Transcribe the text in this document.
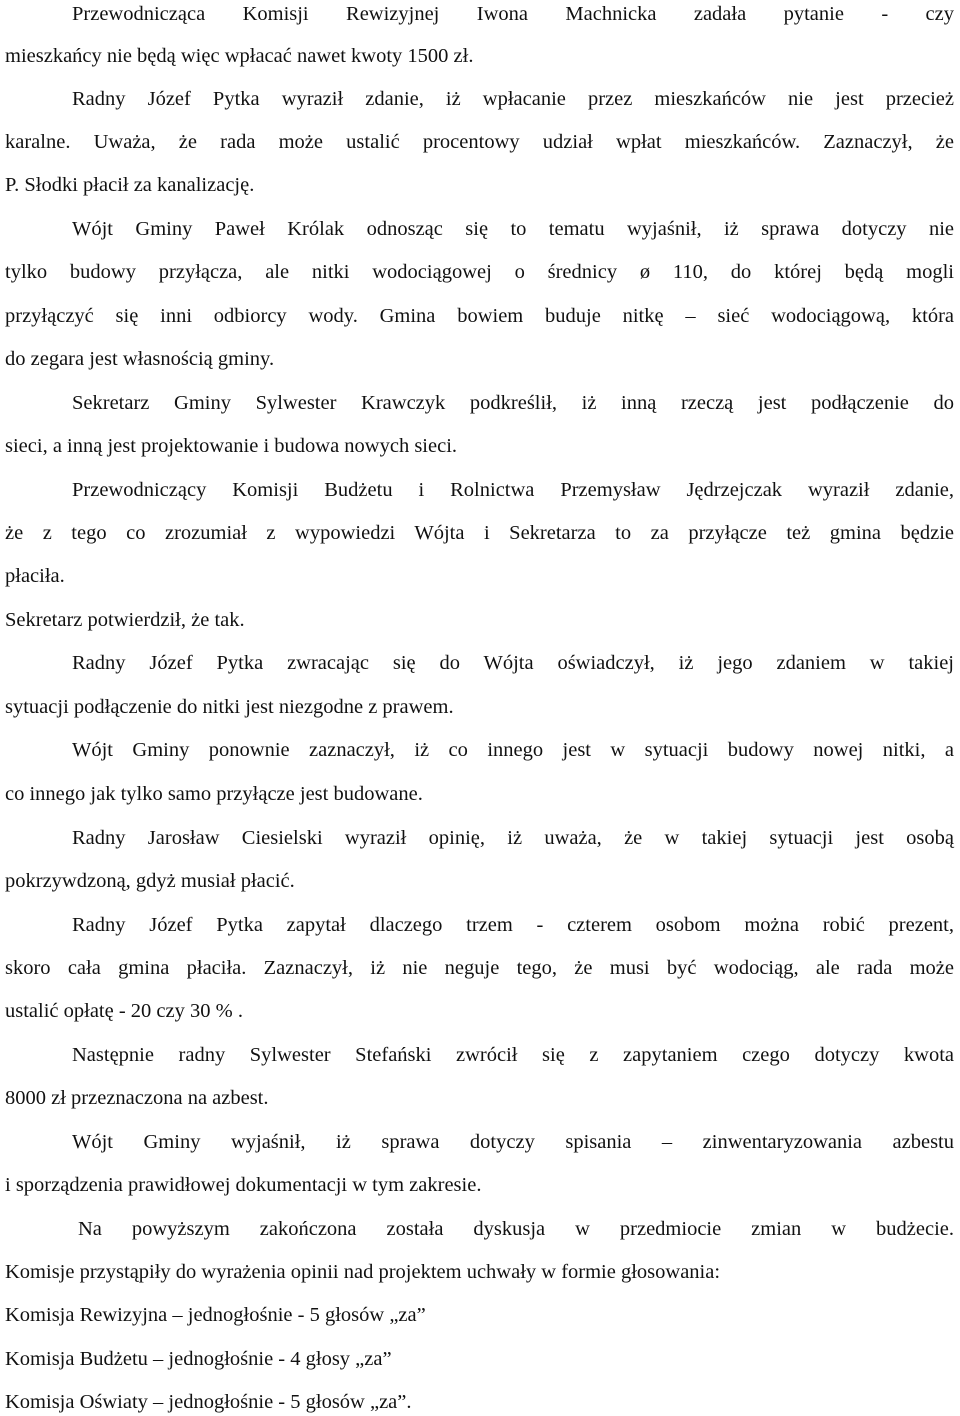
Przewodnicząca Komisji Rewizyjnej Iwona Machnicka zadała pytanie - czy
mieszkańcy nie będą więc wpłacać nawet kwoty 1500 zł.
Radny Józef Pytka wyraził zdanie, iż wpłacanie przez mieszkańców nie jest przecież
karalne. Uważa, że rada może ustalić procentowy udział wpłat mieszkańców. Zaznaczył, że
P. Słodki płacił za kanalizację.
Wójt Gminy Paweł Królak odnosząc się to tematu wyjaśnił, iż sprawa dotyczy nie
tylko budowy przyłącza, ale nitki wodociągowej o średnicy ø 110, do której będą mogli
przyłączyć się inni odbiorcy wody. Gmina bowiem buduje nitkę – sieć wodociągową, która
do zegara jest własnością gminy.
Sekretarz Gminy Sylwester Krawczyk podkreślił, iż inną rzeczą jest podłączenie do
sieci, a inną jest projektowanie i budowa nowych sieci.
Przewodniczący Komisji Budżetu i Rolnictwa Przemysław Jędrzejczak wyraził zdanie,
że z tego co zrozumiał z wypowiedzi Wójta i Sekretarza to za przyłącze też gmina będzie
płaciła.
Sekretarz potwierdził, że tak.
Radny Józef Pytka zwracając się do Wójta oświadczył, iż jego zdaniem w takiej
sytuacji podłączenie do nitki jest niezgodne z prawem.
Wójt Gminy ponownie zaznaczył, iż co innego jest w sytuacji budowy nowej nitki, a
co innego jak tylko samo przyłącze jest budowane.
Radny Jarosław Ciesielski wyraził opinię, iż uważa, że w takiej sytuacji jest osobą
pokrzywdzoną, gdyż musiał płacić.
Radny Józef Pytka zapytał dlaczego trzem - czterem osobom można robić prezent,
skoro cała gmina płaciła. Zaznaczył, iż nie neguje tego, że musi być wodociąg, ale rada może
ustalić opłatę - 20 czy 30 % .
Następnie radny Sylwester Stefański zwrócił się z zapytaniem czego dotyczy kwota
8000 zł przeznaczona na azbest.
Wójt Gminy wyjaśnił, iż sprawa dotyczy spisania – zinwentaryzowania azbestu
i sporządzenia prawidłowej dokumentacji w tym zakresie.
Na powyższym zakończona została dyskusja w przedmiocie zmian w budżecie.
Komisje przystąpiły do wyrażenia opinii nad projektem uchwały w formie głosowania:
Komisja Rewizyjna – jednogłośnie - 5 głosów „za”
Komisja Budżetu – jednogłośnie - 4 głosy „za”
Komisja Oświaty – jednogłośnie - 5 głosów „za”.
